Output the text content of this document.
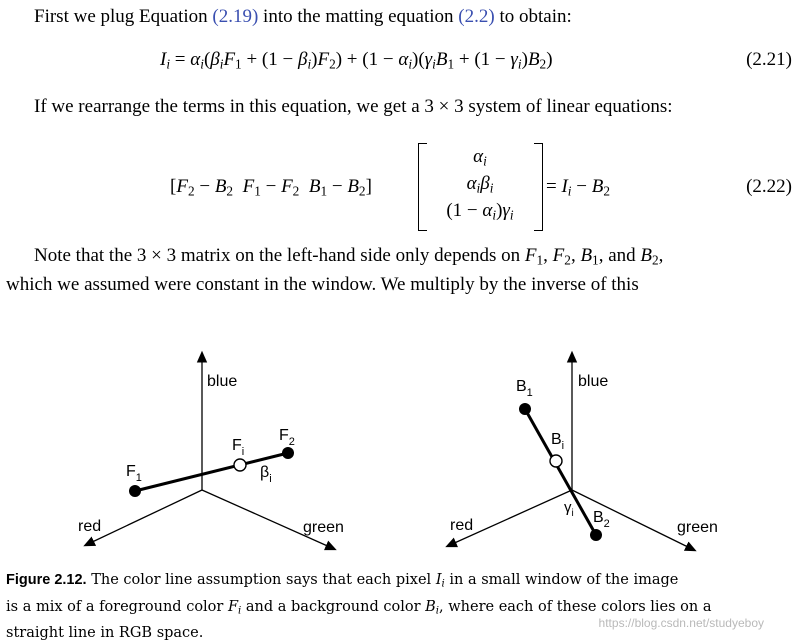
First we plug Equation (2.19) into the matting equation (2.2) to obtain:
$I_i = \alpha_i(\beta_iF_1 + (1 - \beta_i)F_2) + (1 - \alpha_i)(\gamma_iB_1 + (1 - \gamma_i)B_2)$	(2.21)
If we rearrange the terms in this equation, we get a 3 × 3 system of linear equations:
[$F_2 - B_2$ $F_1 - F_2$ $B_1 - B_2$]
$\alpha_i$
$\alpha_i\beta_i$
$(1 - \alpha_i)\gamma_i$
= $I_i - B_2$	(2.22)
Note that the 3 × 3 matrix on the left-hand side only depends on $F_1$, $F_2$, $B_1$, and $B_2$,
which we assumed were constant in the window. We multiply by the inverse of this
blue
red	green
$F_1$
$F_2$
$F_i$
$\beta_i$
blue
red	green
$B_1$
$B_2$
$B_i$
$\gamma_i$
Figure 2.12. The color line assumption says that each pixel $I_i$ in a small window of the image
is a mix of a foreground color $F_i$ and a background color $B_i$, where each of these colors lies on a
straight line in RGB space.
https://blog.csdn.net/studyeboy
